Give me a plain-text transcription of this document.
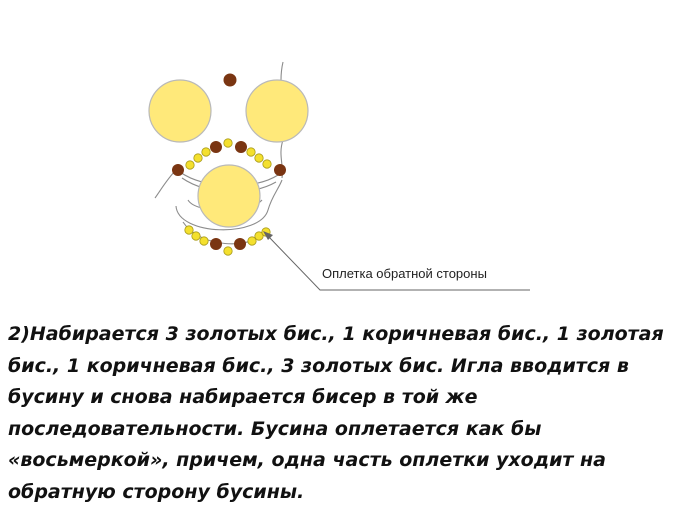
Оплетка обратной стороны

2)Набирается 3 золотых бис., 1 коричневая бис., 1 золотая бис., 1 коричневая бис., 3 золотых бис. Игла вводится в бусину и снова набирается бисер в той же последовательности. Бусина оплетается как бы «восьмеркой», причем, одна часть оплетки уходит на обратную сторону бусины.
